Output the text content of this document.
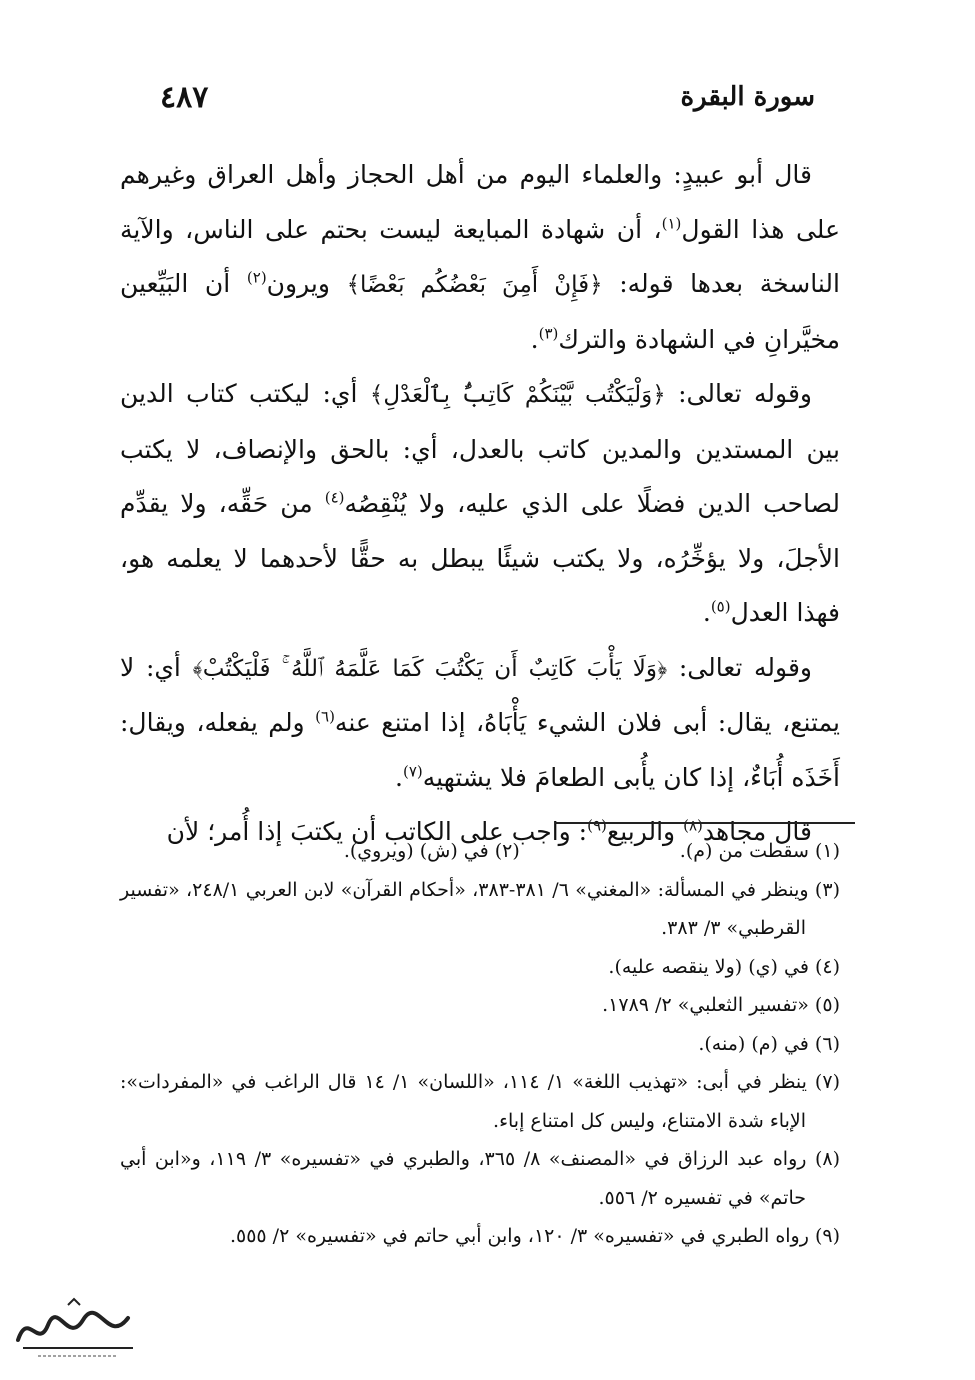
سورة البقرة
٤٨٧

قال أبو عبيدٍ: والعلماء اليوم من أهل الحجاز وأهل العراق وغيرهم على هذا القول$^{(١)}$، أن شهادة المبايعة ليست بحتم على الناس، والآية الناسخة بعدها قوله: ﴿فَإِنْ أَمِنَ بَعْضُكُم بَعْضًا﴾ ويرون$^{(٢)}$ أن البَيِّعين مخيَّرانِ في الشهادة والترك$^{(٣)}$.

وقوله تعالى: ﴿وَلْيَكْتُب بَّيْنَكُمْ كَاتِبٌۢ بِٱلْعَدْلِ﴾ أي: ليكتب كتاب الدين بين المستدين والمدين كاتب بالعدل، أي: بالحق والإنصاف، لا يكتب لصاحب الدين فضلًا على الذي عليه، ولا يُنْقِصُه$^{(٤)}$ من حَقِّه، ولا يقدِّم الأجلَ، ولا يؤخِّرُه، ولا يكتب شيئًا يبطل به حقًّا لأحدهما لا يعلمه هو، فهذا العدل$^{(٥)}$.

وقوله تعالى: ﴿وَلَا يَأْبَ كَاتِبٌ أَن يَكْتُبَ كَمَا عَلَّمَهُ ٱللَّهُ ۚ فَلْيَكْتُبْ﴾ أي: لا يمتنع، يقال: أبى فلان الشيء يَأْبَاهُ، إذا امتنع عنه$^{(٦)}$ ولم يفعله، ويقال: أَخَذَه أُبَاءٌ، إذا كان يأُبى الطعامَ فلا يشتهيه$^{(٧)}$.

قال مجاهد$^{(٨)}$ والربيع$^{(٩)}$: واجب على الكاتب أن يكتبَ إذا أُمر؛ لأن

(١) سقطت من (م).

(٢) في (ش) (ويروي).

(٣) وينظر في المسألة: «المغني» ٦/ ٣٨١-٣٨٣، «أحكام القرآن» لابن العربي ٢٤٨/١، «تفسير القرطبي» ٣/ ٣٨٣.

(٤) في (ي) (ولا ينقصه عليه).

(٥) «تفسير الثعلبي» ٢/ ١٧٨٩.

(٦) في (م) (منه).

(٧) ينظر في أبى: «تهذيب اللغة» ١/ ١١٤، «اللسان» ١/ ١٤ قال الراغب في «المفردات»: الإباء شدة الامتناع، وليس كل امتناع إباء.

(٨) رواه عبد الرزاق في «المصنف» ٨/ ٣٦٥، والطبري في «تفسيره» ٣/ ١١٩، و«ابن أبي حاتم» في تفسيره ٢/ ٥٥٦.

(٩) رواه الطبري في «تفسيره» ٣/ ١٢٠، وابن أبي حاتم في «تفسيره» ٢/ ٥٥٥.
